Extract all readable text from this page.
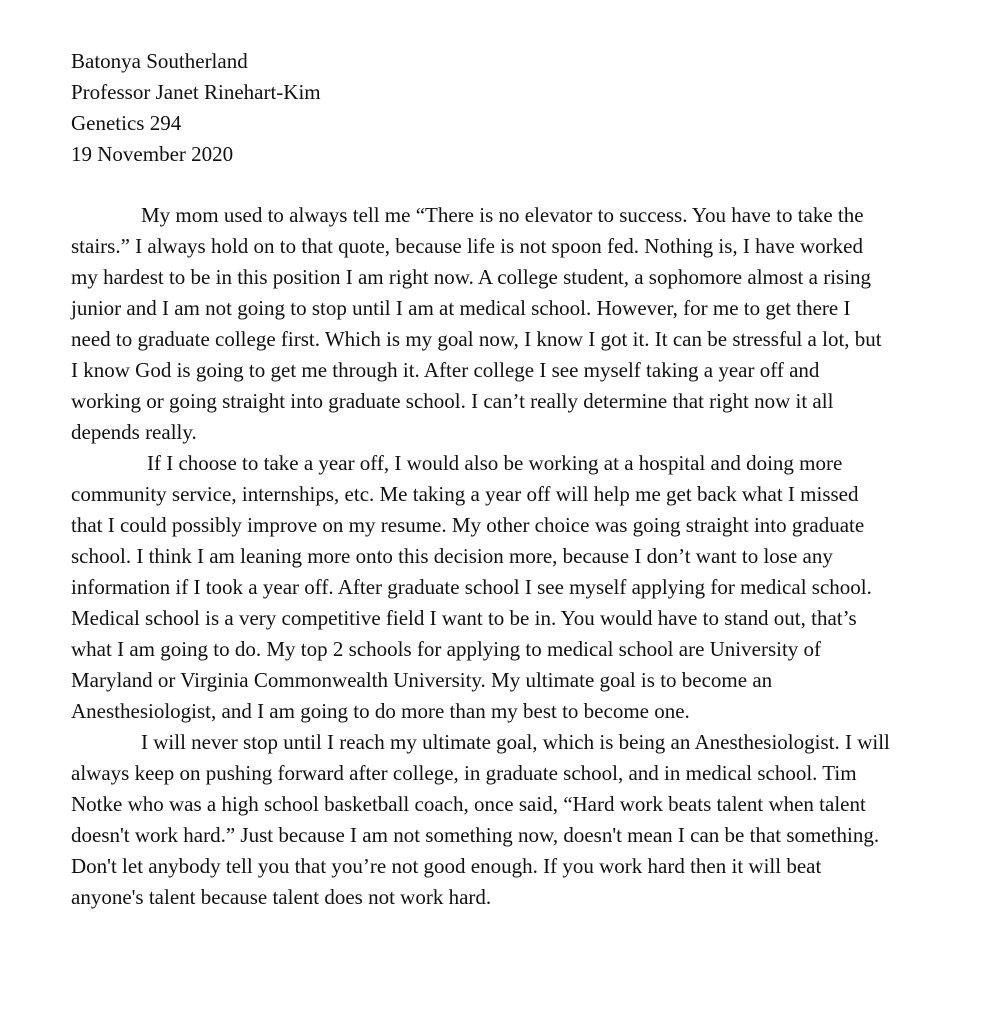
Batonya Southerland
Professor Janet Rinehart-Kim
Genetics 294
19 November 2020

My mom used to always tell me “There is no elevator to success. You have to take the
stairs.” I always hold on to that quote, because life is not spoon fed. Nothing is, I have worked
my hardest to be in this position I am right now. A college student, a sophomore almost a rising
junior and I am not going to stop until I am at medical school. However, for me to get there I
need to graduate college first. Which is my goal now, I know I got it. It can be stressful a lot, but
I know God is going to get me through it. After college I see myself taking a year off and
working or going straight into graduate school. I can’t really determine that right now it all
depends really.

If I choose to take a year off, I would also be working at a hospital and doing more
community service, internships, etc. Me taking a year off will help me get back what I missed
that I could possibly improve on my resume. My other choice was going straight into graduate
school. I think I am leaning more onto this decision more, because I don’t want to lose any
information if I took a year off. After graduate school I see myself applying for medical school.
Medical school is a very competitive field I want to be in. You would have to stand out, that’s
what I am going to do. My top 2 schools for applying to medical school are University of
Maryland or Virginia Commonwealth University. My ultimate goal is to become an
Anesthesiologist, and I am going to do more than my best to become one.

I will never stop until I reach my ultimate goal, which is being an Anesthesiologist. I will
always keep on pushing forward after college, in graduate school, and in medical school. Tim
Notke who was a high school basketball coach, once said, “Hard work beats talent when talent
doesn't work hard.” Just because I am not something now, doesn't mean I can be that something.
Don't let anybody tell you that you’re not good enough. If you work hard then it will beat
anyone's talent because talent does not work hard.
